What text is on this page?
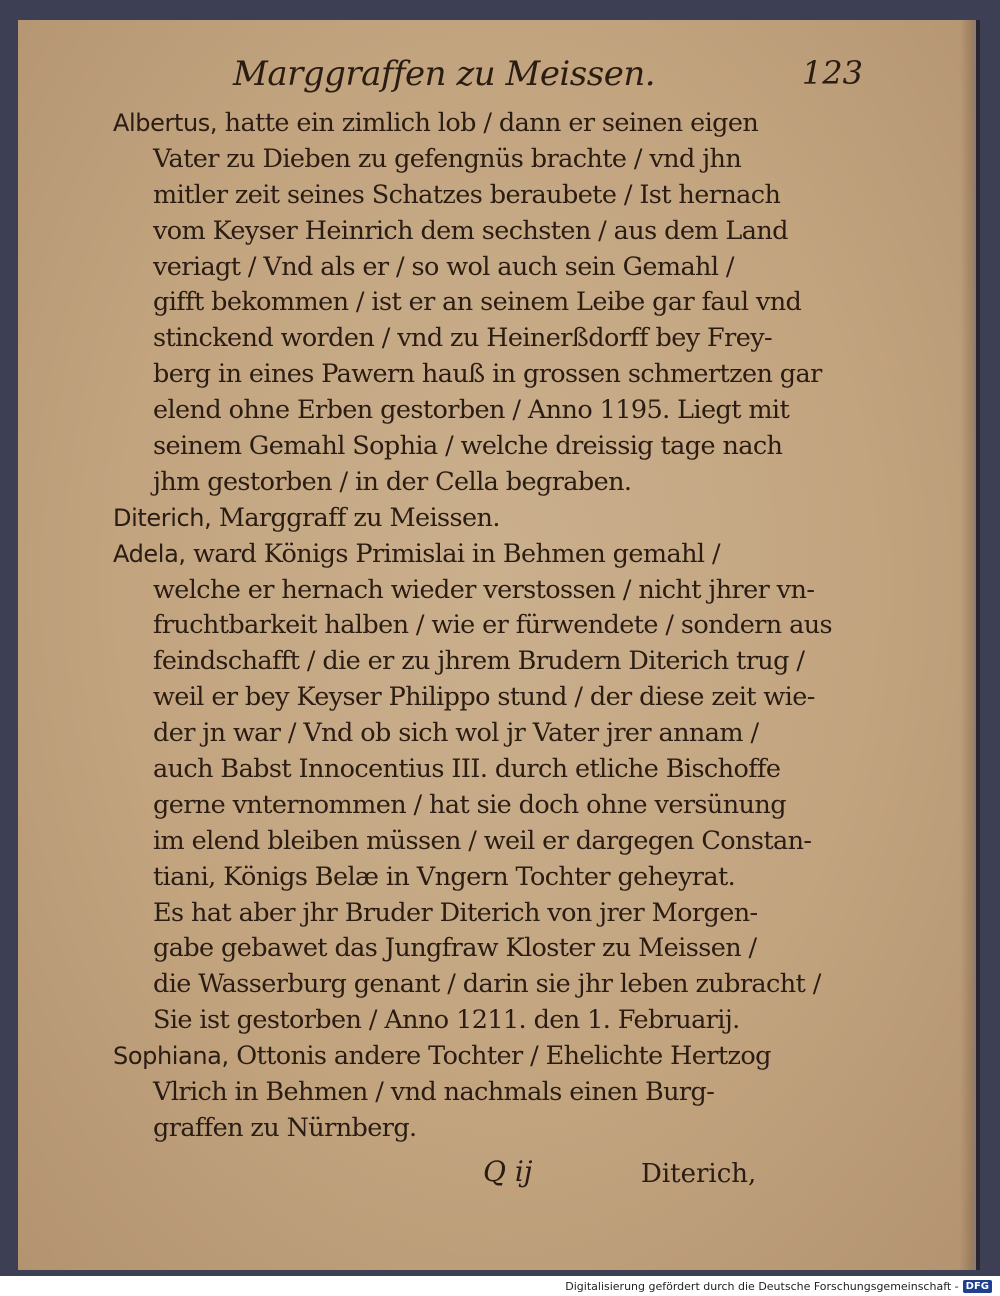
Marggraffen zu Meissen.	123
Albertus, hatte ein zimlich lob / dann er seinen eigen
Vater zu Dieben zu gefengnüs brachte / vnd jhn
mitler zeit seines Schatzes beraubete / Ist hernach
vom Keyser Heinrich dem sechsten / aus dem Land
veriagt / Vnd als er / so wol auch sein Gemahl /
gifft bekommen / ist er an seinem Leibe gar faul vnd
stinckend worden / vnd zu Heinerßdorff bey Frey-
berg in eines Pawern hauß in grossen schmertzen gar
elend ohne Erben gestorben / Anno 1195. Liegt mit
seinem Gemahl Sophia / welche dreissig tage nach
jhm gestorben / in der Cella begraben.
Diterich, Marggraff zu Meissen.
Adela, ward Königs Primislai in Behmen gemahl /
welche er hernach wieder verstossen / nicht jhrer vn-
fruchtbarkeit halben / wie er fürwendete / sondern aus
feindschafft / die er zu jhrem Brudern Diterich trug /
weil er bey Keyser Philippo stund / der diese zeit wie-
der jn war / Vnd ob sich wol jr Vater jrer annam /
auch Babst Innocentius III. durch etliche Bischoffe
gerne vnternommen / hat sie doch ohne versünung
im elend bleiben müssen / weil er dargegen Constan-
tiani, Königs Belæ in Vngern Tochter geheyrat.
Es hat aber jhr Bruder Diterich von jrer Morgen-
gabe gebawet das Jungfraw Kloster zu Meissen /
die Wasserburg genant / darin sie jhr leben zubracht /
Sie ist gestorben / Anno 1211. den 1. Februarij.
Sophiana, Ottonis andere Tochter / Ehelichte Hertzog
Vlrich in Behmen / vnd nachmals einen Burg-
graffen zu Nürnberg.
Q ij	Diterich,
Digitalisierung gefördert durch die Deutsche Forschungsgemeinschaft - DFG
